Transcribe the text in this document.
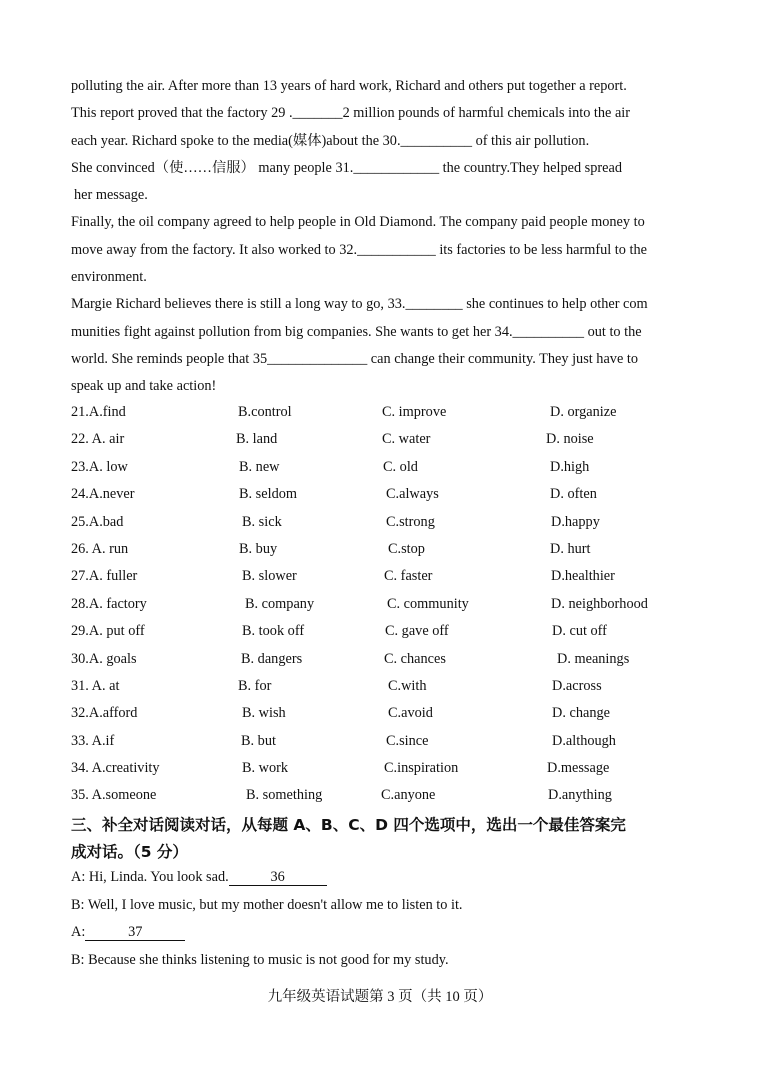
polluting the air. After more than 13 years of hard work, Richard and others put together a report.
This report proved that the factory 29 ._______2 million pounds of harmful chemicals into the air
each year. Richard spoke to the media(媒体)about the 30.__________ of this air pollution.
She convinced（使……信服） many people 31.____________ the country.They helped spread
her message.
Finally, the oil company agreed to help people in Old Diamond. The company paid people money to
move away from the factory. It also worked to 32.___________ its factories to be less harmful to the
environment.
Margie Richard believes there is still a long way to go, 33.________ she continues to help other com
munities fight against pollution from big companies. She wants to get her 34.__________ out to the
world. She reminds people that 35______________ can change their community. They just have to
speak up and take action!
21.A.find	B.control	C. improve	D. organize
22. A. air	B. land	C. water	D. noise
23.A. low	B. new	C. old	D.high
24.A.never	B. seldom	C.always	D. often
25.A.bad	B. sick	C.strong	D.happy
26. A. run	B. buy	C.stop	D. hurt
27.A. fuller	B. slower	C. faster	D.healthier
28.A. factory	B. company	C. community	D. neighborhood
29.A. put off	B. took off	C. gave off	D. cut off
30.A. goals	B. dangers	C. chances	D. meanings
31. A. at	B. for	C.with	D.across
32.A.afford	B. wish	C.avoid	D. change
33. A.if	B. but	C.since	D.although
34. A.creativity	B. work	C.inspiration	D.message
35. A.someone	B. something	C.anyone	D.anything
三、补全对话阅读对话，从每题 A、B、C、D 四个选项中，选出一个最佳答案完
成对话。（5 分）
A: Hi, Linda. You look sad.	36
B: Well, I love music, but my mother doesn't allow me to listen to it.
A:	37
B: Because she thinks listening to music is not good for my study.
九年级英语试题第 3 页（共 10 页）
